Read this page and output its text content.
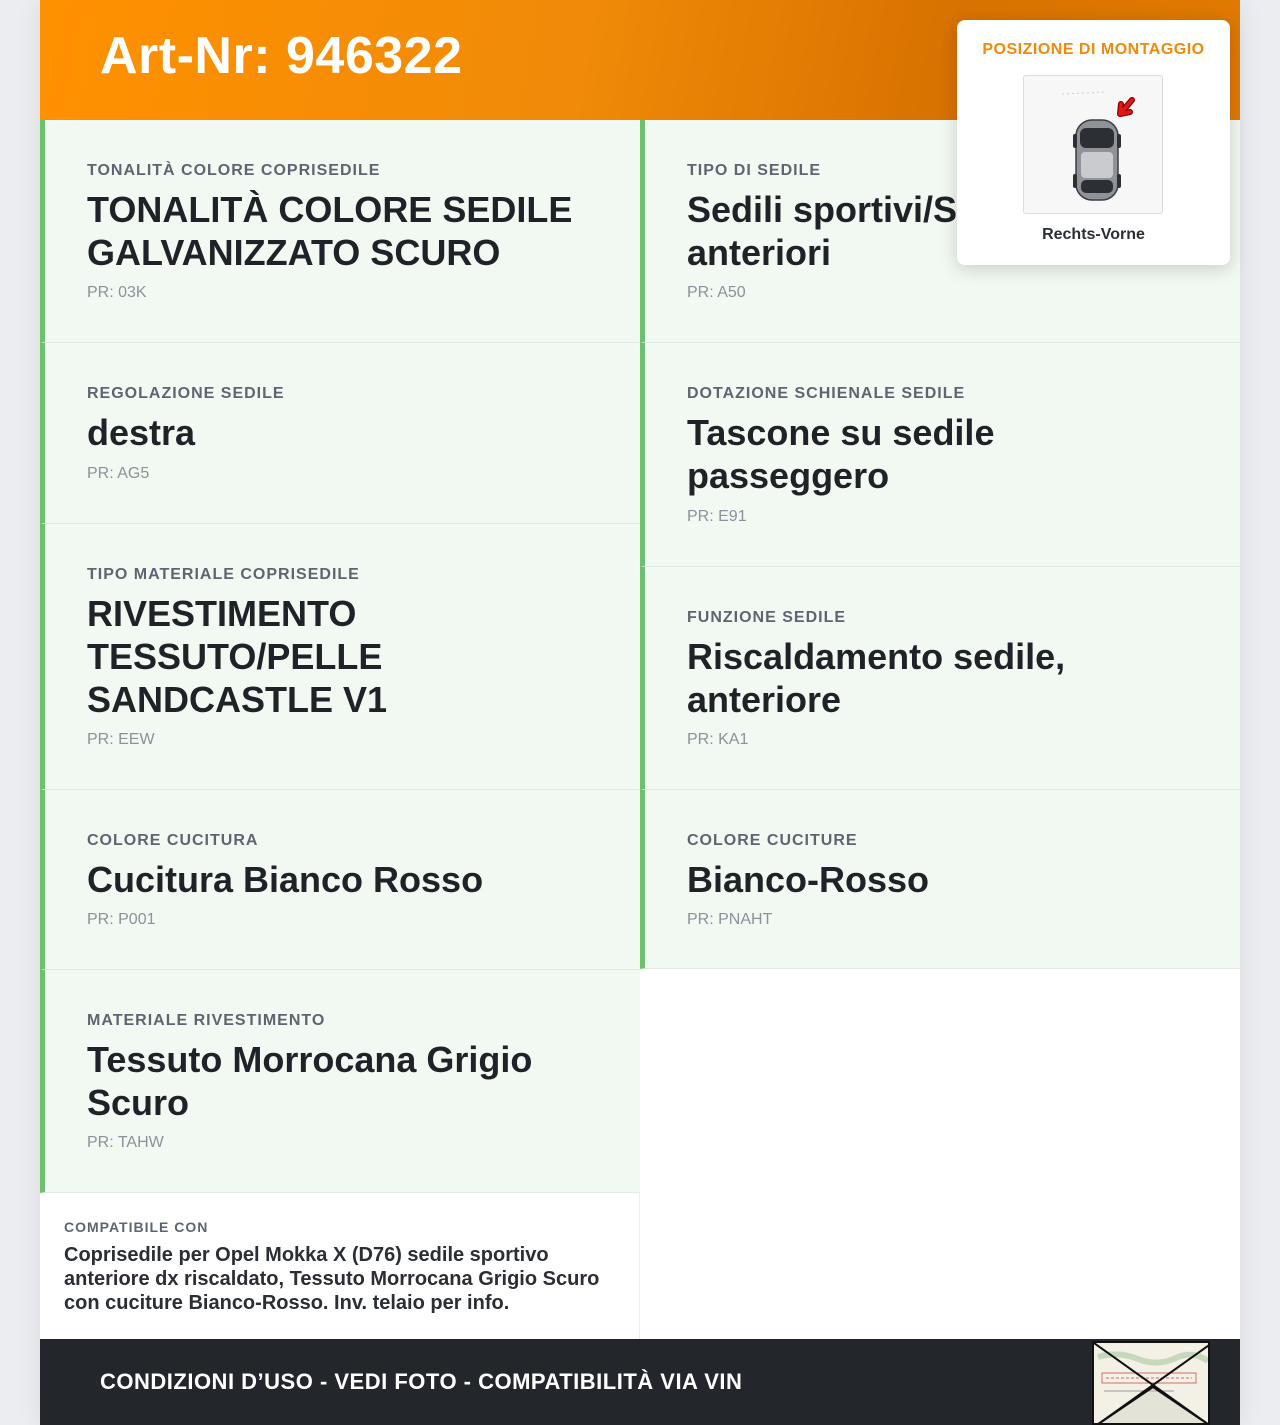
Art-Nr: 946322
TONALITÀ COLORE COPRISEDILE
TONALITÀ COLORE SEDILE GALVANIZZATO SCURO
PR: 03K
TIPO DI SEDILE
Sedili sportivi/S anteriori
PR: A50
REGOLAZIONE SEDILE
destra
PR: AG5
DOTAZIONE SCHIENALE SEDILE
Tascone su sedile passeggero
PR: E91
TIPO MATERIALE COPRISEDILE
RIVESTIMENTO TESSUTO/PELLE SANDCASTLE V1
PR: EEW
FUNZIONE SEDILE
Riscaldamento sedile, anteriore
PR: KA1
COLORE CUCITURA
Cucitura Bianco Rosso
PR: P001
COLORE CUCITURE
Bianco-Rosso
PR: PNAHT
MATERIALE RIVESTIMENTO
Tessuto Morrocana Grigio Scuro
PR: TAHW
COMPATIBILE CON
Coprisedile per Opel Mokka X (D76) sedile sportivo anteriore dx riscaldato, Tessuto Morrocana Grigio Scuro con cuciture Bianco-Rosso. Inv. telaio per info.
CONDIZIONI D’USO - VEDI FOTO - COMPATIBILITÀ VIA VIN
POSIZIONE DI MONTAGGIO
Rechts-Vorne
